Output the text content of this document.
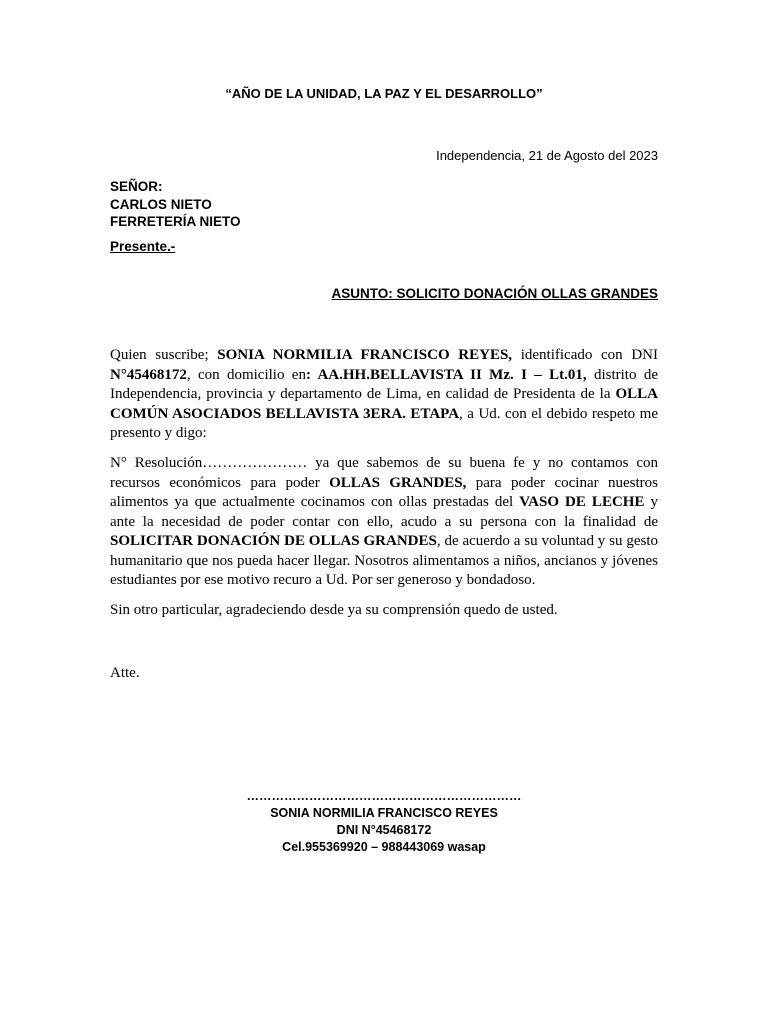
“AÑO DE LA UNIDAD, LA PAZ Y EL DESARROLLO”
Independencia, 21 de Agosto del 2023
SEÑOR:
CARLOS NIETO
FERRETERÍA NIETO
Presente.-
ASUNTO: SOLICITO DONACIÓN OLLAS GRANDES
Quien suscribe; SONIA NORMILIA FRANCISCO REYES, identificado con DNI N°45468172, con domicilio en: AA.HH.BELLAVISTA II Mz. I – Lt.01, distrito de Independencia, provincia y departamento de Lima, en calidad de Presidenta de la OLLA COMÚN ASOCIADOS BELLAVISTA 3ERA. ETAPA, a Ud. con el debido respeto me presento y digo:
N° Resolución………………… ya que sabemos de su buena fe y no contamos con recursos económicos para poder OLLAS GRANDES, para poder cocinar nuestros alimentos ya que actualmente cocinamos con ollas prestadas del VASO DE LECHE y ante la necesidad de poder contar con ello, acudo a su persona con la finalidad de SOLICITAR DONACIÓN DE OLLAS GRANDES, de acuerdo a su voluntad y su gesto humanitario que nos pueda hacer llegar. Nosotros alimentamos a niños, ancianos y jóvenes estudiantes por ese motivo recuro a Ud. Por ser generoso y bondadoso.
Sin otro particular, agradeciendo desde ya su comprensión quedo de usted.
Atte.
…………………………………………………………
SONIA NORMILIA FRANCISCO REYES
DNI N°45468172
Cel.955369920 – 988443069 wasap
